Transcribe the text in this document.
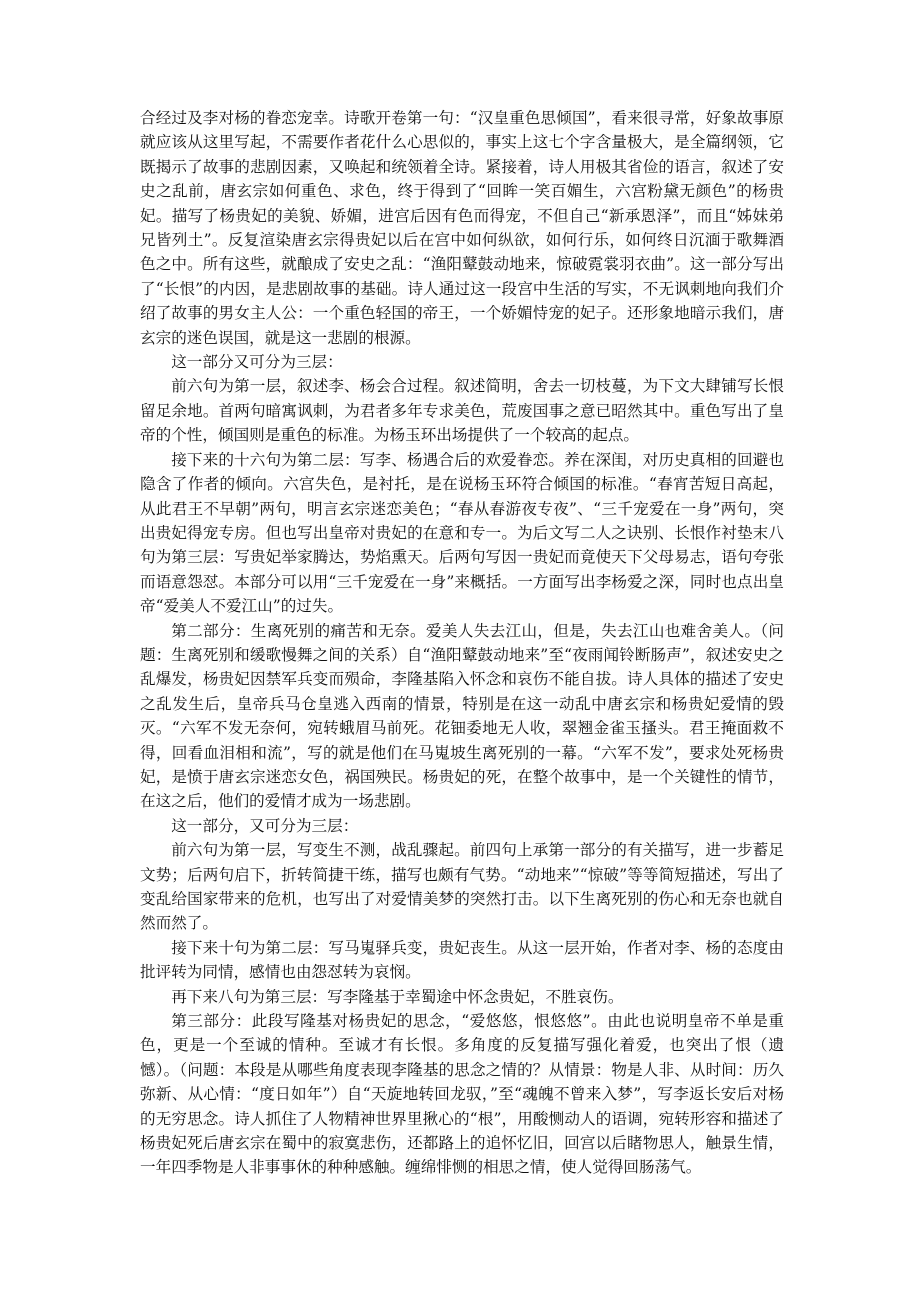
合经过及李对杨的眷恋宠幸。诗歌开卷第一句：“汉皇重色思倾国”，看来很寻常，好象故事原就应该从这里写起，不需要作者花什么心思似的，事实上这七个字含量极大，是全篇纲领，它既揭示了故事的悲剧因素，又唤起和统领着全诗。紧接着，诗人用极其省俭的语言，叙述了安史之乱前，唐玄宗如何重色、求色，终于得到了“回眸一笑百媚生，六宫粉黛无颜色”的杨贵妃。描写了杨贵妃的美貌、娇媚，进宫后因有色而得宠，不但自己“新承恩泽”，而且“姊妹弟兄皆列土”。反复渲染唐玄宗得贵妃以后在宫中如何纵欲，如何行乐，如何终日沉湎于歌舞酒色之中。所有这些，就酿成了安史之乱：“渔阳鼙鼓动地来，惊破霓裳羽衣曲”。这一部分写出了“长恨”的内因，是悲剧故事的基础。诗人通过这一段宫中生活的写实，不无讽刺地向我们介绍了故事的男女主人公：一个重色轻国的帝王，一个娇媚恃宠的妃子。还形象地暗示我们，唐玄宗的迷色误国，就是这一悲剧的根源。

这一部分又可分为三层：

前六句为第一层，叙述李、杨会合过程。叙述简明，舍去一切枝蔓，为下文大肆铺写长恨留足余地。首两句暗寓讽刺，为君者多年专求美色，荒废国事之意已昭然其中。重色写出了皇帝的个性，倾国则是重色的标准。为杨玉环出场提供了一个较高的起点。

接下来的十六句为第二层：写李、杨遇合后的欢爱眷恋。养在深闺，对历史真相的回避也隐含了作者的倾向。六宫失色，是衬托，是在说杨玉环符合倾国的标准。“春宵苦短日高起，从此君王不早朝”两句，明言玄宗迷恋美色；“春从春游夜专夜”、“三千宠爱在一身”两句，突出贵妃得宠专房。但也写出皇帝对贵妃的在意和专一。为后文写二人之诀别、长恨作衬垫末八句为第三层：写贵妃举家腾达，势焰熏天。后两句写因一贵妃而竟使天下父母易志，语句夸张而语意怨怼。本部分可以用“三千宠爱在一身”来概括。一方面写出李杨爱之深，同时也点出皇帝“爱美人不爱江山”的过失。

第二部分：生离死别的痛苦和无奈。爱美人失去江山，但是，失去江山也难舍美人。（问题：生离死别和缓歌慢舞之间的关系）自“渔阳鼙鼓动地来”至“夜雨闻铃断肠声”，叙述安史之乱爆发，杨贵妃因禁军兵变而殒命，李隆基陷入怀念和哀伤不能自拔。诗人具体的描述了安史之乱发生后，皇帝兵马仓皇逃入西南的情景，特别是在这一动乱中唐玄宗和杨贵妃爱情的毁灭。“六军不发无奈何，宛转蛾眉马前死。花钿委地无人收，翠翘金雀玉搔头。君王掩面救不得，回看血泪相和流”，写的就是他们在马嵬坡生离死别的一幕。“六军不发”，要求处死杨贵妃，是愤于唐玄宗迷恋女色，祸国殃民。杨贵妃的死，在整个故事中，是一个关键性的情节，在这之后，他们的爱情才成为一场悲剧。

这一部分，又可分为三层：

前六句为第一层，写变生不测，战乱骤起。前四句上承第一部分的有关描写，进一步蓄足文势；后两句启下，折转简捷干练，描写也颇有气势。“动地来”“惊破”等等简短描述，写出了变乱给国家带来的危机，也写出了对爱情美梦的突然打击。以下生离死别的伤心和无奈也就自然而然了。

接下来十句为第二层：写马嵬驿兵变，贵妃丧生。从这一层开始，作者对李、杨的态度由批评转为同情，感情也由怨怼转为哀悯。

再下来八句为第三层：写李隆基于幸蜀途中怀念贵妃，不胜哀伤。

第三部分：此段写隆基对杨贵妃的思念，“爱悠悠，恨悠悠”。由此也说明皇帝不单是重色，更是一个至诚的情种。至诚才有长恨。多角度的反复描写强化着爱，也突出了恨（遗憾）。（问题：本段是从哪些角度表现李隆基的思念之情的？从情景：物是人非、从时间：历久弥新、从心情：“度日如年”）自“天旋地转回龙驭，”至“魂魄不曾来入梦”，写李返长安后对杨的无穷思念。诗人抓住了人物精神世界里揪心的“根”，用酸恻动人的语调，宛转形容和描述了杨贵妃死后唐玄宗在蜀中的寂寞悲伤，还都路上的追怀忆旧，回宫以后睹物思人，触景生情，一年四季物是人非事事休的种种感触。缠绵悱恻的相思之情，使人觉得回肠荡气。
